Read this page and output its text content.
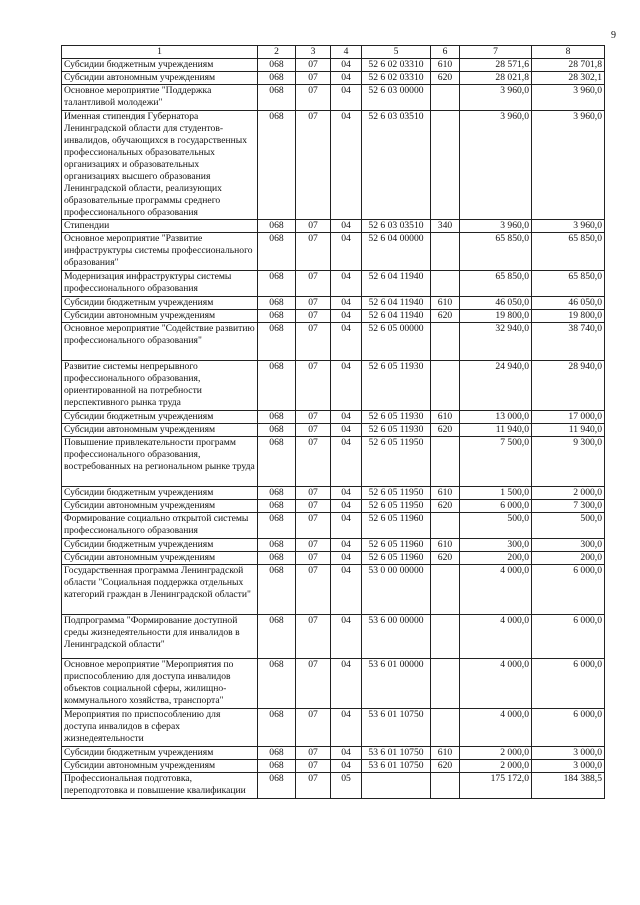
9
1	2	3	4	5	6	7	8
Субсидии бюджетным учреждениям	068	07	04	52 6 02 03310	610	28 571,6	28 701,8
Субсидии автономным учреждениям	068	07	04	52 6 02 03310	620	28 021,8	28 302,1
Основное мероприятие "Поддержка талантливой молодежи"	068	07	04	52 6 03 00000		3 960,0	3 960,0
Именная стипендия Губернатора Ленинградской области для студентов-инвалидов, обучающихся в государственных профессиональных образовательных организациях и образовательных организациях высшего образования Ленинградской области, реализующих образовательные программы среднего профессионального образования	068	07	04	52 6 03 03510		3 960,0	3 960,0
Стипендии	068	07	04	52 6 03 03510	340	3 960,0	3 960,0
Основное мероприятие "Развитие инфраструктуры системы профессионального образования"	068	07	04	52 6 04 00000		65 850,0	65 850,0
Модернизация инфраструктуры системы профессионального образования	068	07	04	52 6 04 11940		65 850,0	65 850,0
Субсидии бюджетным учреждениям	068	07	04	52 6 04 11940	610	46 050,0	46 050,0
Субсидии автономным учреждениям	068	07	04	52 6 04 11940	620	19 800,0	19 800,0
Основное мероприятие "Содействие развитию профессионального образования"	068	07	04	52 6 05 00000		32 940,0	38 740,0
Развитие системы непрерывного профессионального образования, ориентированной на потребности перспективного рынка труда	068	07	04	52 6 05 11930		24 940,0	28 940,0
Субсидии бюджетным учреждениям	068	07	04	52 6 05 11930	610	13 000,0	17 000,0
Субсидии автономным учреждениям	068	07	04	52 6 05 11930	620	11 940,0	11 940,0
Повышение привлекательности программ профессионального образования, востребованных на региональном рынке труда	068	07	04	52 6 05 11950		7 500,0	9 300,0
Субсидии бюджетным учреждениям	068	07	04	52 6 05 11950	610	1 500,0	2 000,0
Субсидии автономным учреждениям	068	07	04	52 6 05 11950	620	6 000,0	7 300,0
Формирование социально открытой системы профессионального образования	068	07	04	52 6 05 11960		500,0	500,0
Субсидии бюджетным учреждениям	068	07	04	52 6 05 11960	610	300,0	300,0
Субсидии автономным учреждениям	068	07	04	52 6 05 11960	620	200,0	200,0
Государственная программа Ленинградской области "Социальная поддержка отдельных категорий граждан в Ленинградской области"	068	07	04	53 0 00 00000		4 000,0	6 000,0
Подпрограмма "Формирование доступной среды жизнедеятельности для инвалидов в Ленинградской области"	068	07	04	53 6 00 00000		4 000,0	6 000,0
Основное мероприятие "Мероприятия по приспособлению для доступа инвалидов объектов социальной сферы, жилищно-коммунального хозяйства, транспорта"	068	07	04	53 6 01 00000		4 000,0	6 000,0
Мероприятия по приспособлению для доступа инвалидов в сферах жизнедеятельности	068	07	04	53 6 01 10750		4 000,0	6 000,0
Субсидии бюджетным учреждениям	068	07	04	53 6 01 10750	610	2 000,0	3 000,0
Субсидии автономным учреждениям	068	07	04	53 6 01 10750	620	2 000,0	3 000,0
Профессиональная подготовка, переподготовка и повышение квалификации	068	07	05			175 172,0	184 388,5
